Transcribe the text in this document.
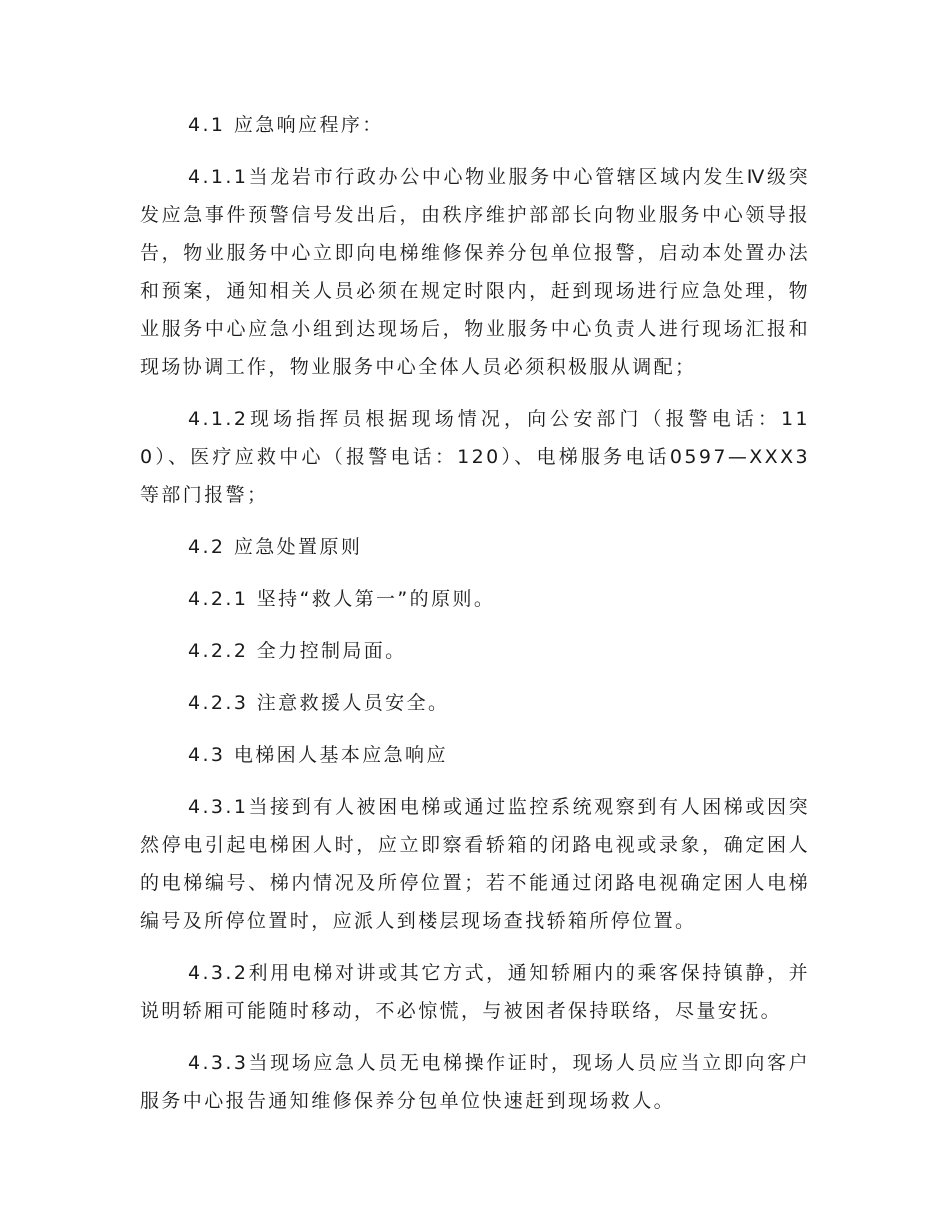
4.1 应急响应程序：

4.1.1当龙岩市行政办公中心物业服务中心管辖区域内发生Ⅳ级突发应急事件预警信号发出后，由秩序维护部部长向物业服务中心领导报告，物业服务中心立即向电梯维修保养分包单位报警，启动本处置办法和预案，通知相关人员必须在规定时限内，赶到现场进行应急处理，物业服务中心应急小组到达现场后，物业服务中心负责人进行现场汇报和现场协调工作，物业服务中心全体人员必须积极服从调配；

4.1.2现场指挥员根据现场情况，向公安部门（报警电话：110）、医疗应救中心（报警电话：120）、电梯服务电话0597—XXX3等部门报警；

4.2 应急处置原则

4.2.1 坚持“救人第一”的原则。

4.2.2 全力控制局面。

4.2.3 注意救援人员安全。

4.3 电梯困人基本应急响应

4.3.1当接到有人被困电梯或通过监控系统观察到有人困梯或因突然停电引起电梯困人时，应立即察看轿箱的闭路电视或录象，确定困人的电梯编号、梯内情况及所停位置；若不能通过闭路电视确定困人电梯编号及所停位置时，应派人到楼层现场查找轿箱所停位置。

4.3.2利用电梯对讲或其它方式，通知轿厢内的乘客保持镇静，并说明轿厢可能随时移动，不必惊慌，与被困者保持联络，尽量安抚。

4.3.3当现场应急人员无电梯操作证时，现场人员应当立即向客户服务中心报告通知维修保养分包单位快速赶到现场救人。
